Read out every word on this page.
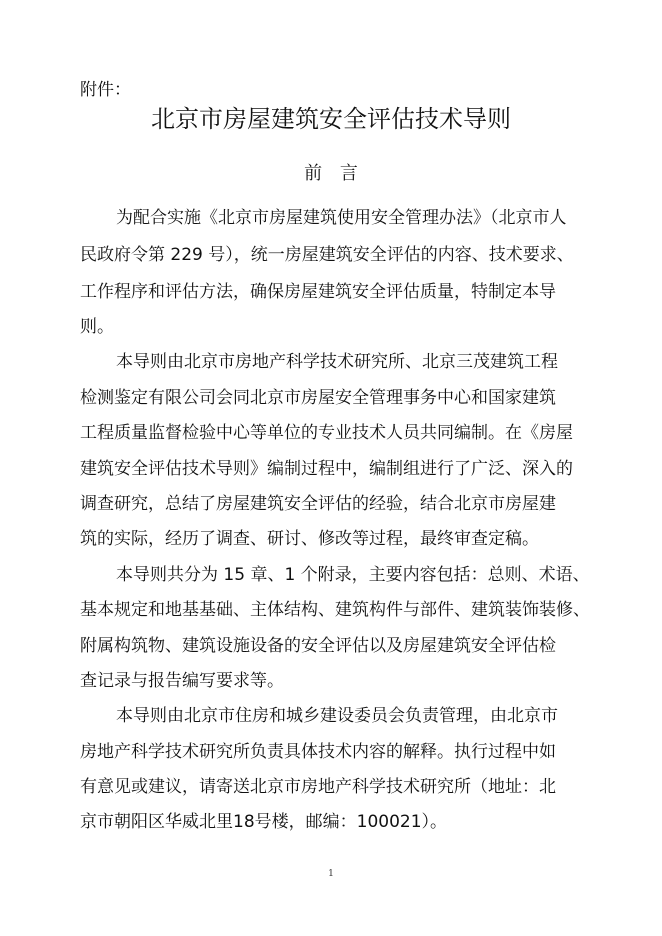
附件：
北京市房屋建筑安全评估技术导则
前 言
为配合实施《北京市房屋建筑使用安全管理办法》（北京市人
民政府令第 229 号），统一房屋建筑安全评估的内容、技术要求、
工作程序和评估方法，确保房屋建筑安全评估质量，特制定本导
则。
本导则由北京市房地产科学技术研究所、北京三茂建筑工程
检测鉴定有限公司会同北京市房屋安全管理事务中心和国家建筑
工程质量监督检验中心等单位的专业技术人员共同编制。在《房屋
建筑安全评估技术导则》编制过程中，编制组进行了广泛、深入的
调查研究，总结了房屋建筑安全评估的经验，结合北京市房屋建
筑的实际，经历了调查、研讨、修改等过程，最终审查定稿。
本导则共分为 15 章、1 个附录，主要内容包括：总则、术语、
基本规定和地基基础、主体结构、建筑构件与部件、建筑装饰装修、
附属构筑物、建筑设施设备的安全评估以及房屋建筑安全评估检
查记录与报告编写要求等。
本导则由北京市住房和城乡建设委员会负责管理，由北京市
房地产科学技术研究所负责具体技术内容的解释。执行过程中如
有意见或建议，请寄送北京市房地产科学技术研究所（地址：北
京市朝阳区华威北里18号楼，邮编：100021）。
1
